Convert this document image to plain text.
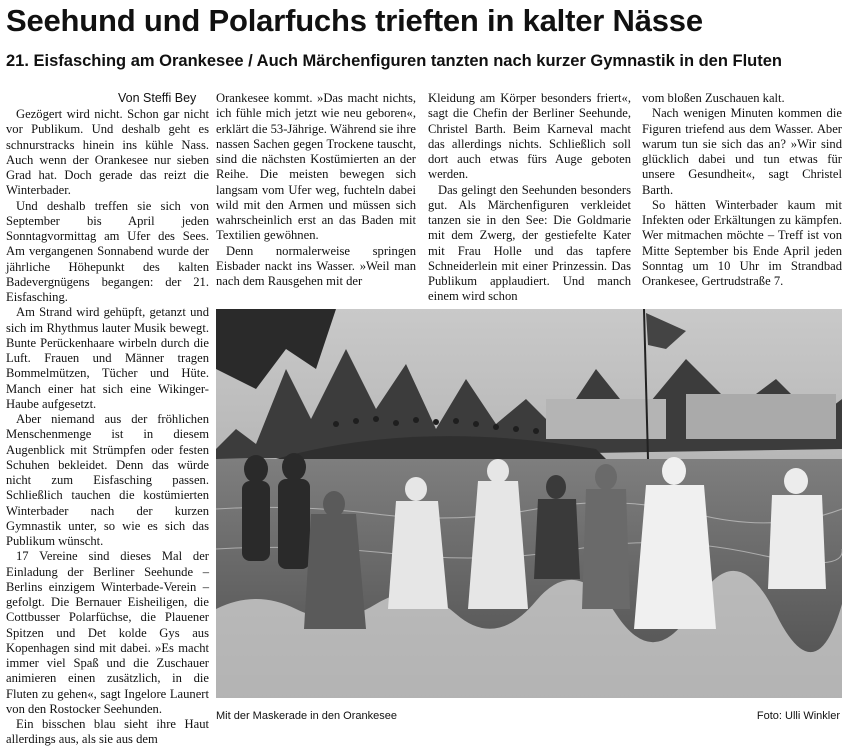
Seehund und Polarfuchs trieften in kalter Nässe
21. Eisfasching am Orankesee / Auch Märchenfiguren tanzten nach kurzer Gymnastik in den Fluten

Gezögert wird nicht. Schon gar nicht vor Publikum. Und deshalb geht es schnurstracks hinein ins kühle Nass. Auch wenn der Orankesee nur sieben Grad hat. Doch gerade das reizt die Winterbader.

Und deshalb treffen sie sich von September bis April jeden Sonntagvormittag am Ufer des Sees. Am vergangenen Sonnabend wurde der jährliche Höhepunkt des kalten Badevergnügens begangen: der 21. Eisfasching.

Am Strand wird gehüpft, getanzt und sich im Rhythmus lauter Musik bewegt. Bunte Perückenhaare wirbeln durch die Luft. Frauen und Männer tragen Bommelmützen, Tücher und Hüte. Manch einer hat sich eine Wikinger-Haube aufgesetzt.

Aber niemand aus der fröhlichen Menschenmenge ist in diesem Augenblick mit Strümpfen oder festen Schuhen bekleidet. Denn das würde nicht zum Eisfasching passen. Schließlich tauchen die kostümierten Winterbader nach der kurzen Gymnastik unter, so wie es sich das Publikum wünscht.

17 Vereine sind dieses Mal der Einladung der Berliner Seehunde – Berlins einzigem Winterbade-Verein – gefolgt. Die Bernauer Eisheiligen, die Cottbusser Polarfüchse, die Plauener Spitzen und Det kolde Gys aus Kopenhagen sind mit dabei. »Es macht immer viel Spaß und die Zuschauer animieren einen zusätzlich, in die Fluten zu gehen«, sagt Ingelore Launert von den Rostocker Seehunden.

Ein bisschen blau sieht ihre Haut allerdings aus, als sie aus dem

Von Steffi Bey Orankesee kommt. »Das macht nichts, ich fühle mich jetzt wie neu geboren«, erklärt die 53-Jährige. Während sie ihre nassen Sachen gegen Trockene tauscht, sind die nächsten Kostümierten an der Reihe. Die meisten bewegen sich langsam vom Ufer weg, fuchteln dabei wild mit den Armen und müssen sich wahrscheinlich erst an das Baden mit Textilien gewöhnen.

Denn normalerweise springen Eisbader nackt ins Wasser. »Weil man nach dem Rausgehen mit der

Kleidung am Körper besonders friert«, sagt die Chefin der Berliner Seehunde, Christel Barth. Beim Karneval macht das allerdings nichts. Schließlich soll dort auch etwas fürs Auge geboten werden.

Das gelingt den Seehunden besonders gut. Als Märchenfiguren verkleidet tanzen sie in den See: Die Goldmarie mit dem Zwerg, der gestiefelte Kater mit Frau Holle und das tapfere Schneiderlein mit einer Prinzessin. Das Publikum applaudiert. Und manch einem wird schon

vom bloßen Zuschauen kalt.

Nach wenigen Minuten kommen die Figuren triefend aus dem Wasser. Aber warum tun sie sich das an? »Wir sind glücklich dabei und tun etwas für unsere Gesundheit«, sagt Christel Barth.

So hätten Winterbader kaum mit Infekten oder Erkältungen zu kämpfen. Wer mitmachen möchte – Treff ist von Mitte September bis Ende April jeden Sonntag um 10 Uhr im Strandbad Orankesee, Gertrudstraße 7.

Mit der Maskerade in den Orankesee	Foto: Ulli Winkler
